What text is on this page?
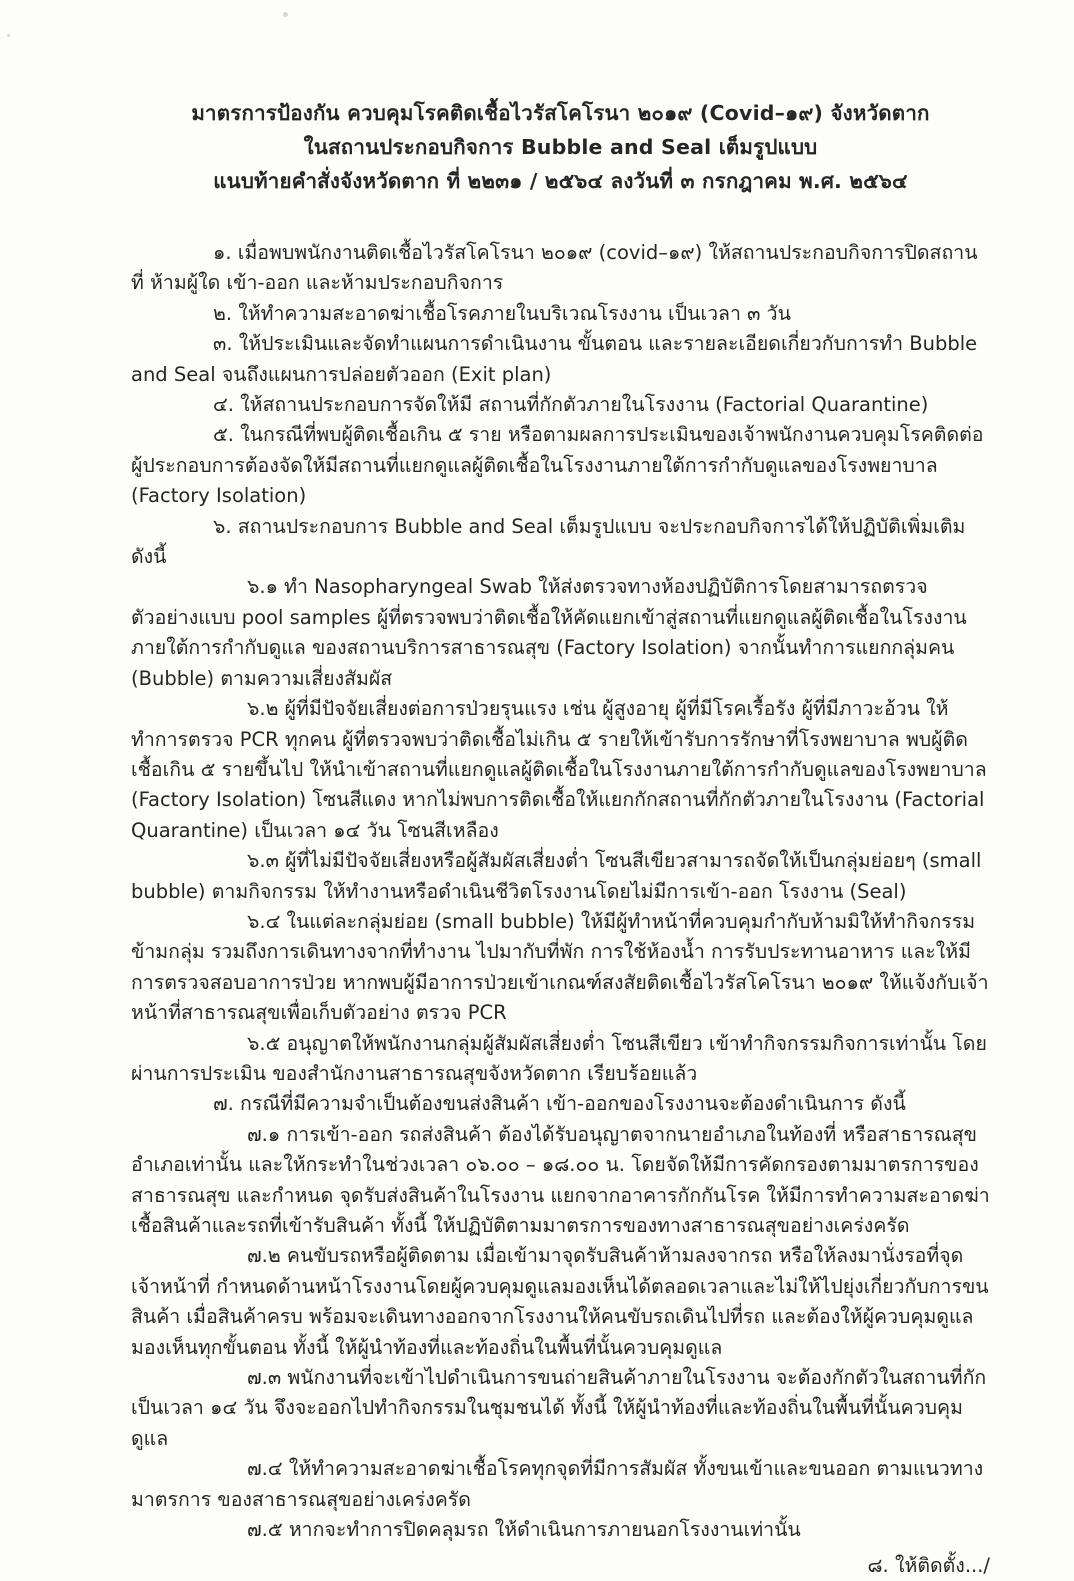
มาตรการป้องกัน ควบคุมโรคติดเชื้อไวรัสโคโรนา ๒๐๑๙ (Covid–๑๙) จังหวัดตาก
ในสถานประกอบกิจการ Bubble and Seal เต็มรูปแบบ
แนบท้ายคำสั่งจังหวัดตาก ที่ ๒๒๓๑ / ๒๕๖๔ ลงวันที่ ๓ กรกฎาคม พ.ศ. ๒๕๖๔

๑. เมื่อพบพนักงานติดเชื้อไวรัสโคโรนา ๒๐๑๙ (covid–๑๙) ให้สถานประกอบกิจการปิดสถานที่ ห้ามผู้ใด เข้า-ออก และห้ามประกอบกิจการ

๒. ให้ทำความสะอาดฆ่าเชื้อโรคภายในบริเวณโรงงาน เป็นเวลา ๓ วัน

๓. ให้ประเมินและจัดทำแผนการดำเนินงาน ขั้นตอน และรายละเอียดเกี่ยวกับการทำ Bubble and Seal จนถึงแผนการปล่อยตัวออก (Exit plan)

๔. ให้สถานประกอบการจัดให้มี สถานที่กักตัวภายในโรงงาน (Factorial Quarantine)

๕. ในกรณีที่พบผู้ติดเชื้อเกิน ๕ ราย หรือตามผลการประเมินของเจ้าพนักงานควบคุมโรคติดต่อ ผู้ประกอบการต้องจัดให้มีสถานที่แยกดูแลผู้ติดเชื้อในโรงงานภายใต้การกำกับดูแลของโรงพยาบาล (Factory Isolation)

๖. สถานประกอบการ Bubble and Seal เต็มรูปแบบ จะประกอบกิจการได้ให้ปฏิบัติเพิ่มเติม ดังนี้

๖.๑ ทำ Nasopharyngeal Swab ให้ส่งตรวจทางห้องปฏิบัติการโดยสามารถตรวจตัวอย่างแบบ pool samples ผู้ที่ตรวจพบว่าติดเชื้อให้คัดแยกเข้าสู่สถานที่แยกดูแลผู้ติดเชื้อในโรงงานภายใต้การกำกับดูแล ของสถานบริการสาธารณสุข (Factory Isolation) จากนั้นทำการแยกกลุ่มคน (Bubble) ตามความเสี่ยงสัมผัส

๖.๒ ผู้ที่มีปัจจัยเสี่ยงต่อการป่วยรุนแรง เช่น ผู้สูงอายุ ผู้ที่มีโรคเรื้อรัง ผู้ที่มีภาวะอ้วน ให้ทำการตรวจ PCR ทุกคน ผู้ที่ตรวจพบว่าติดเชื้อไม่เกิน ๕ รายให้เข้ารับการรักษาที่โรงพยาบาล พบผู้ติดเชื้อเกิน ๕ รายขึ้นไป ให้นำเข้าสถานที่แยกดูแลผู้ติดเชื้อในโรงงานภายใต้การกำกับดูแลของโรงพยาบาล (Factory Isolation) โซนสีแดง หากไม่พบการติดเชื้อให้แยกกักสถานที่กักตัวภายในโรงงาน (Factorial Quarantine) เป็นเวลา ๑๔ วัน โซนสีเหลือง

๖.๓ ผู้ที่ไม่มีปัจจัยเสี่ยงหรือผู้สัมผัสเสี่ยงต่ำ โซนสีเขียวสามารถจัดให้เป็นกลุ่มย่อยๆ (small bubble) ตามกิจกรรม ให้ทำงานหรือดำเนินชีวิตโรงงานโดยไม่มีการเข้า-ออก โรงงาน (Seal)

๖.๔ ในแต่ละกลุ่มย่อย (small bubble) ให้มีผู้ทำหน้าที่ควบคุมกำกับห้ามมิให้ทำกิจกรรมข้ามกลุ่ม รวมถึงการเดินทางจากที่ทำงาน ไปมากับที่พัก การใช้ห้องน้ำ การรับประทานอาหาร และให้มีการตรวจสอบอาการป่วย หากพบผู้มีอาการป่วยเข้าเกณฑ์สงสัยติดเชื้อไวรัสโคโรนา ๒๐๑๙ ให้แจ้งกับเจ้าหน้าที่สาธารณสุขเพื่อเก็บตัวอย่าง ตรวจ PCR

๖.๕ อนุญาตให้พนักงานกลุ่มผู้สัมผัสเสี่ยงต่ำ โซนสีเขียว เข้าทำกิจกรรมกิจการเท่านั้น โดยผ่านการประเมิน ของสำนักงานสาธารณสุขจังหวัดตาก เรียบร้อยแล้ว

๗. กรณีที่มีความจำเป็นต้องขนส่งสินค้า เข้า-ออกของโรงงานจะต้องดำเนินการ ดังนี้

๗.๑ การเข้า-ออก รถส่งสินค้า ต้องได้รับอนุญาตจากนายอำเภอในท้องที่ หรือสาธารณสุขอำเภอเท่านั้น และให้กระทำในช่วงเวลา ๐๖.๐๐ – ๑๘.๐๐ น. โดยจัดให้มีการคัดกรองตามมาตรการของสาธารณสุข และกำหนด จุดรับส่งสินค้าในโรงงาน แยกจากอาคารกักกันโรค ให้มีการทำความสะอาดฆ่าเชื้อสินค้าและรถที่เข้ารับสินค้า ทั้งนี้ ให้ปฏิบัติตามมาตรการของทางสาธารณสุขอย่างเคร่งครัด

๗.๒ คนขับรถหรือผู้ติดตาม เมื่อเข้ามาจุดรับสินค้าห้ามลงจากรถ หรือให้ลงมานั่งรอที่จุดเจ้าหน้าที่ กำหนดด้านหน้าโรงงานโดยผู้ควบคุมดูแลมองเห็นได้ตลอดเวลาและไม่ให้ไปยุ่งเกี่ยวกับการขนสินค้า เมื่อสินค้าครบ พร้อมจะเดินทางออกจากโรงงานให้คนขับรถเดินไปที่รถ และต้องให้ผู้ควบคุมดูแลมองเห็นทุกขั้นตอน ทั้งนี้ ให้ผู้นำท้องที่และท้องถิ่นในพื้นที่นั้นควบคุมดูแล

๗.๓ พนักงานที่จะเข้าไปดำเนินการขนถ่ายสินค้าภายในโรงงาน จะต้องกักตัวในสถานที่กัก เป็นเวลา ๑๔ วัน จึงจะออกไปทำกิจกรรมในชุมชนได้ ทั้งนี้ ให้ผู้นำท้องที่และท้องถิ่นในพื้นที่นั้นควบคุมดูแล

๗.๔ ให้ทำความสะอาดฆ่าเชื้อโรคทุกจุดที่มีการสัมผัส ทั้งขนเข้าและขนออก ตามแนวทางมาตรการ ของสาธารณสุขอย่างเคร่งครัด

๗.๕ หากจะทำการปิดคลุมรถ ให้ดำเนินการภายนอกโรงงานเท่านั้น

๘. ให้ติดตั้ง.../
